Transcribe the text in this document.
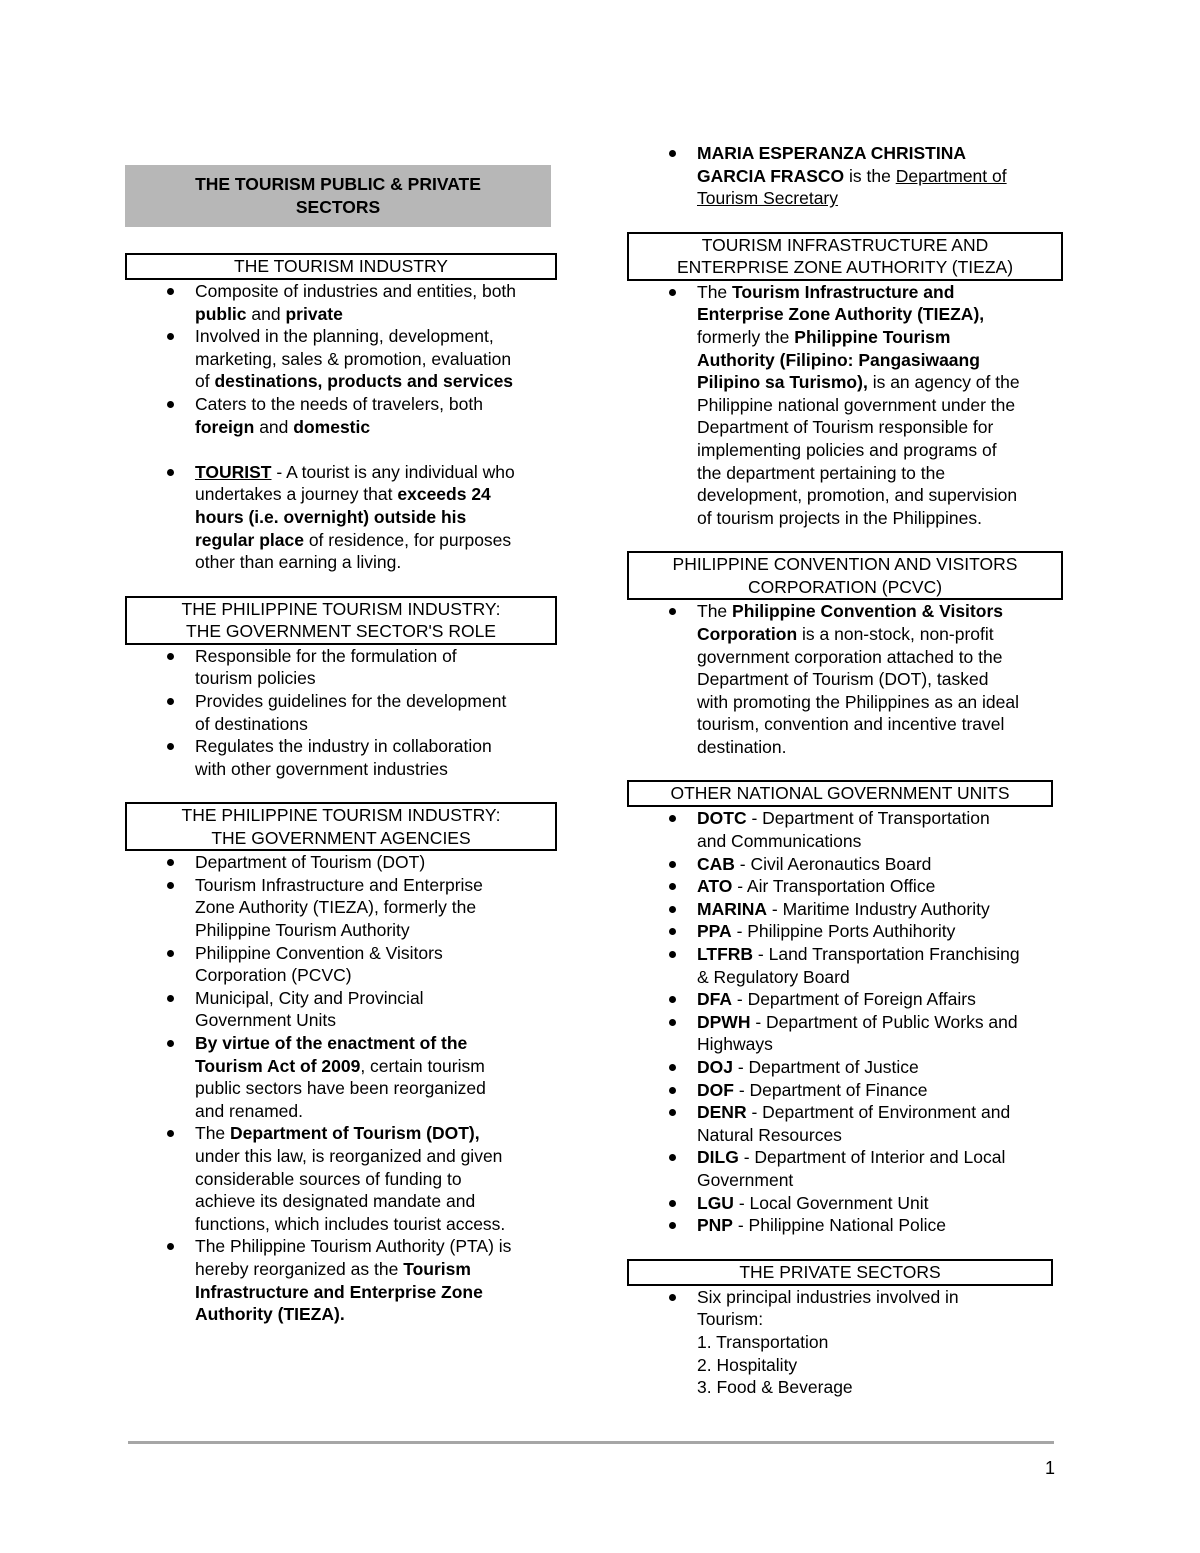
THE TOURISM PUBLIC & PRIVATE
SECTORS
THE TOURISM INDUSTRY
Composite of industries and entities, both
public and private
Involved in the planning, development,
marketing, sales & promotion, evaluation
of destinations, products and services
Caters to the needs of travelers, both
foreign and domestic
TOURIST - A tourist is any individual who
undertakes a journey that exceeds 24
hours (i.e. overnight) outside his
regular place of residence, for purposes
other than earning a living.
THE PHILIPPINE TOURISM INDUSTRY:
THE GOVERNMENT SECTOR'S ROLE
Responsible for the formulation of
tourism policies
Provides guidelines for the development
of destinations
Regulates the industry in collaboration
with other government industries
THE PHILIPPINE TOURISM INDUSTRY:
THE GOVERNMENT AGENCIES
Department of Tourism (DOT)
Tourism Infrastructure and Enterprise
Zone Authority (TIEZA), formerly the
Philippine Tourism Authority
Philippine Convention & Visitors
Corporation (PCVC)
Municipal, City and Provincial
Government Units
By virtue of the enactment of the
Tourism Act of 2009, certain tourism
public sectors have been reorganized
and renamed.
The Department of Tourism (DOT),
under this law, is reorganized and given
considerable sources of funding to
achieve its designated mandate and
functions, which includes tourist access.
The Philippine Tourism Authority (PTA) is
hereby reorganized as the Tourism
Infrastructure and Enterprise Zone
Authority (TIEZA).
MARIA ESPERANZA CHRISTINA
GARCIA FRASCO is the Department of
Tourism Secretary
TOURISM INFRASTRUCTURE AND
ENTERPRISE ZONE AUTHORITY (TIEZA)
The Tourism Infrastructure and
Enterprise Zone Authority (TIEZA),
formerly the Philippine Tourism
Authority (Filipino: Pangasiwaang
Pilipino sa Turismo), is an agency of the
Philippine national government under the
Department of Tourism responsible for
implementing policies and programs of
the department pertaining to the
development, promotion, and supervision
of tourism projects in the Philippines.
PHILIPPINE CONVENTION AND VISITORS
CORPORATION (PCVC)
The Philippine Convention & Visitors
Corporation is a non-stock, non-profit
government corporation attached to the
Department of Tourism (DOT), tasked
with promoting the Philippines as an ideal
tourism, convention and incentive travel
destination.
OTHER NATIONAL GOVERNMENT UNITS
DOTC - Department of Transportation
and Communications
CAB - Civil Aeronautics Board
ATO - Air Transportation Office
MARINA - Maritime Industry Authority
PPA - Philippine Ports Authihority
LTFRB - Land Transportation Franchising
& Regulatory Board
DFA - Department of Foreign Affairs
DPWH - Department of Public Works and
Highways
DOJ - Department of Justice
DOF - Department of Finance
DENR - Department of Environment and
Natural Resources
DILG - Department of Interior and Local
Government
LGU - Local Government Unit
PNP - Philippine National Police
THE PRIVATE SECTORS
Six principal industries involved in
Tourism:
1. Transportation
2. Hospitality
3. Food & Beverage
1
